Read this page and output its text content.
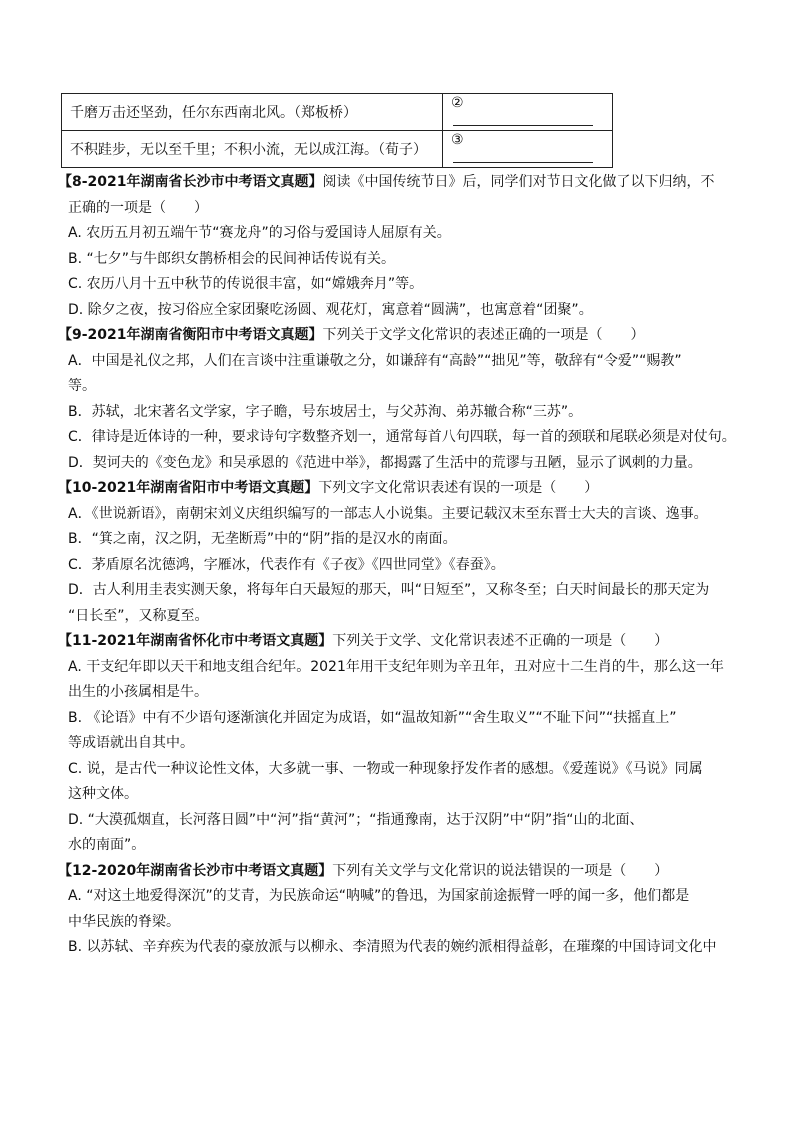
千磨万击还坚劲，任尔东西南北风。（郑板桥）	②
不积跬步，无以至千里；不积小流，无以成江海。（荀子）	③
【8-2021年湖南省长沙市中考语文真题】阅读《中国传统节日》后，同学们对节日文化做了以下归纳，不
正确的一项是（　　）
A. 农历五月初五端午节“赛龙舟”的习俗与爱国诗人屈原有关。
B. “七夕”与牛郎织女鹊桥相会的民间神话传说有关。
C. 农历八月十五中秋节的传说很丰富，如“嫦娥奔月”等。
D. 除夕之夜，按习俗应全家团聚吃汤圆、观花灯，寓意着“圆满”，也寓意着“团聚”。
【9-2021年湖南省衡阳市中考语文真题】下列关于文学文化常识的表述正确的一项是（　　）
A．中国是礼仪之邦，人们在言谈中注重谦敬之分，如谦辞有“高龄”“拙见”等，敬辞有“令爱”“赐教”
等。
B．苏轼，北宋著名文学家，字子瞻，号东坡居士，与父苏洵、弟苏辙合称“三苏”。
C．律诗是近体诗的一种，要求诗句字数整齐划一，通常每首八句四联，每一首的颈联和尾联必须是对仗句。
D．契诃夫的《变色龙》和吴承恩的《范进中举》，都揭露了生活中的荒谬与丑陋，显示了讽刺的力量。
【10-2021年湖南省阳市中考语文真题】下列文字文化常识表述有误的一项是（　　）
A．《世说新语》，南朝宋刘义庆组织编写的一部志人小说集。主要记载汉末至东晋士大夫的言谈、逸事。
B．“箕之南，汉之阴，无垄断焉”中的“阴”指的是汉水的南面。
C．茅盾原名沈德鸿，字雁冰，代表作有《子夜》《四世同堂》《春蚕》。
D．古人利用圭表实测天象，将每年白天最短的那天，叫“日短至”，又称冬至；白天时间最长的那天定为
“日长至”，又称夏至。
【11-2021年湖南省怀化市中考语文真题】下列关于文学、文化常识表述不正确的一项是（　　）
A. 干支纪年即以天干和地支组合纪年。2021年用干支纪年则为辛丑年，丑对应十二生肖的牛，那么这一年
出生的小孩属相是牛。
B. 《论语》中有不少语句逐渐演化并固定为成语，如“温故知新”“舍生取义”“不耻下问”“扶摇直上”
等成语就出自其中。
C. 说，是古代一种议论性文体，大多就一事、一物或一种现象抒发作者的感想。《爱莲说》《马说》同属
这种文体。
D. “大漠孤烟直，长河落日圆”中“河”指“黄河”；“指通豫南，达于汉阴”中“阴”指“山的北面、
水的南面”。
【12-2020年湖南省长沙市中考语文真题】下列有关文学与文化常识的说法错误的一项是（　　）
A. “对这土地爱得深沉”的艾青，为民族命运“呐喊”的鲁迅，为国家前途振臂一呼的闻一多，他们都是
中华民族的脊梁。
B. 以苏轼、辛弃疾为代表的豪放派与以柳永、李清照为代表的婉约派相得益彰，在璀璨的中国诗词文化中
